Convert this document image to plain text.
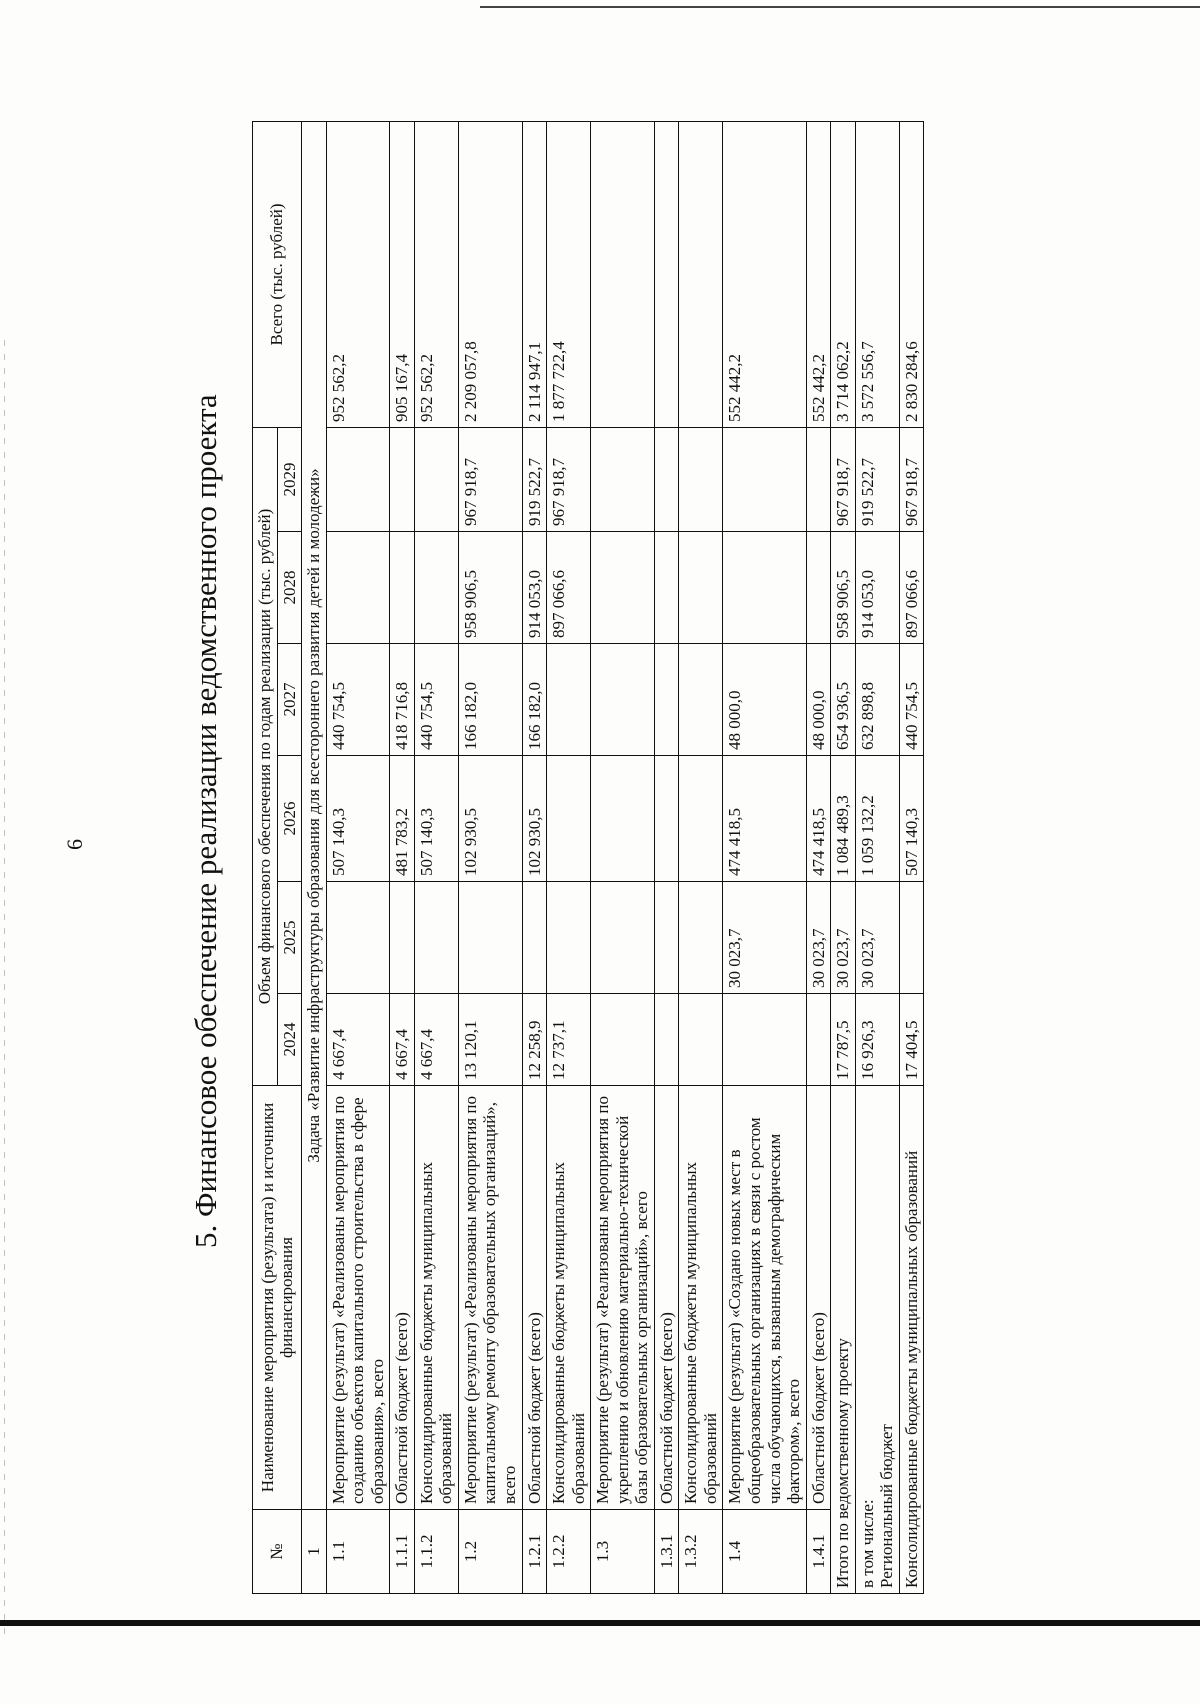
6	5. Финансовое обеспечение реализации ведомственного проекта
№	Наименование мероприятия (результата) и источники финансирования	Объем финансового обеспечения по годам реализации (тыс. рублей)						Всего (тыс. рублей)
		2024	2025	2026	2027	2028	2029	
1	Задача «Развитие инфраструктуры образования для всестороннего развития детей и молодежи»							
1.1	Мероприятие (результат) «Реализованы мероприятия по созданию объектов капитального строительства в сфере образования», всего	4 667,4		507 140,3	440 754,5			952 562,2
1.1.1	Областной бюджет (всего)	4 667,4		481 783,2	418 716,8			905 167,4
1.1.2	Консолидированные бюджеты муниципальных образований	4 667,4		507 140,3	440 754,5			952 562,2
1.2	Мероприятие (результат) «Реализованы мероприятия по капитальному ремонту образовательных организаций», всего	13 120,1		102 930,5	166 182,0	958 906,5	967 918,7	2 209 057,8
1.2.1	Областной бюджет (всего)	12 258,9		102 930,5	166 182,0	914 053,0	919 522,7	2 114 947,1
1.2.2	Консолидированные бюджеты муниципальных образований	12 737,1				897 066,6	967 918,7	1 877 722,4
1.3	Мероприятие (результат) «Реализованы мероприятия по укреплению и обновлению материально-технической базы образовательных организаций», всего							
1.3.1	Областной бюджет (всего)							
1.3.2	Консолидированные бюджеты муниципальных образований							
1.4	Мероприятие (результат) «Создано новых мест в общеобразовательных организациях в связи с ростом числа обучающихся, вызванным демографическим фактором», всего		30 023,7	474 418,5	48 000,0			552 442,2
1.4.1	Областной бюджет (всего)		30 023,7	474 418,5	48 000,0			552 442,2
Итого по ведомственному проекту		17 787,5	30 023,7	1 084 489,3	654 936,5	958 906,5	967 918,7	3 714 062,2
в том числе:
Региональный бюджет		16 926,3	30 023,7	1 059 132,2	632 898,8	914 053,0	919 522,7	3 572 556,7
Консолидированные бюджеты муниципальных образований		17 404,5		507 140,3	440 754,5	897 066,6	967 918,7	2 830 284,6
